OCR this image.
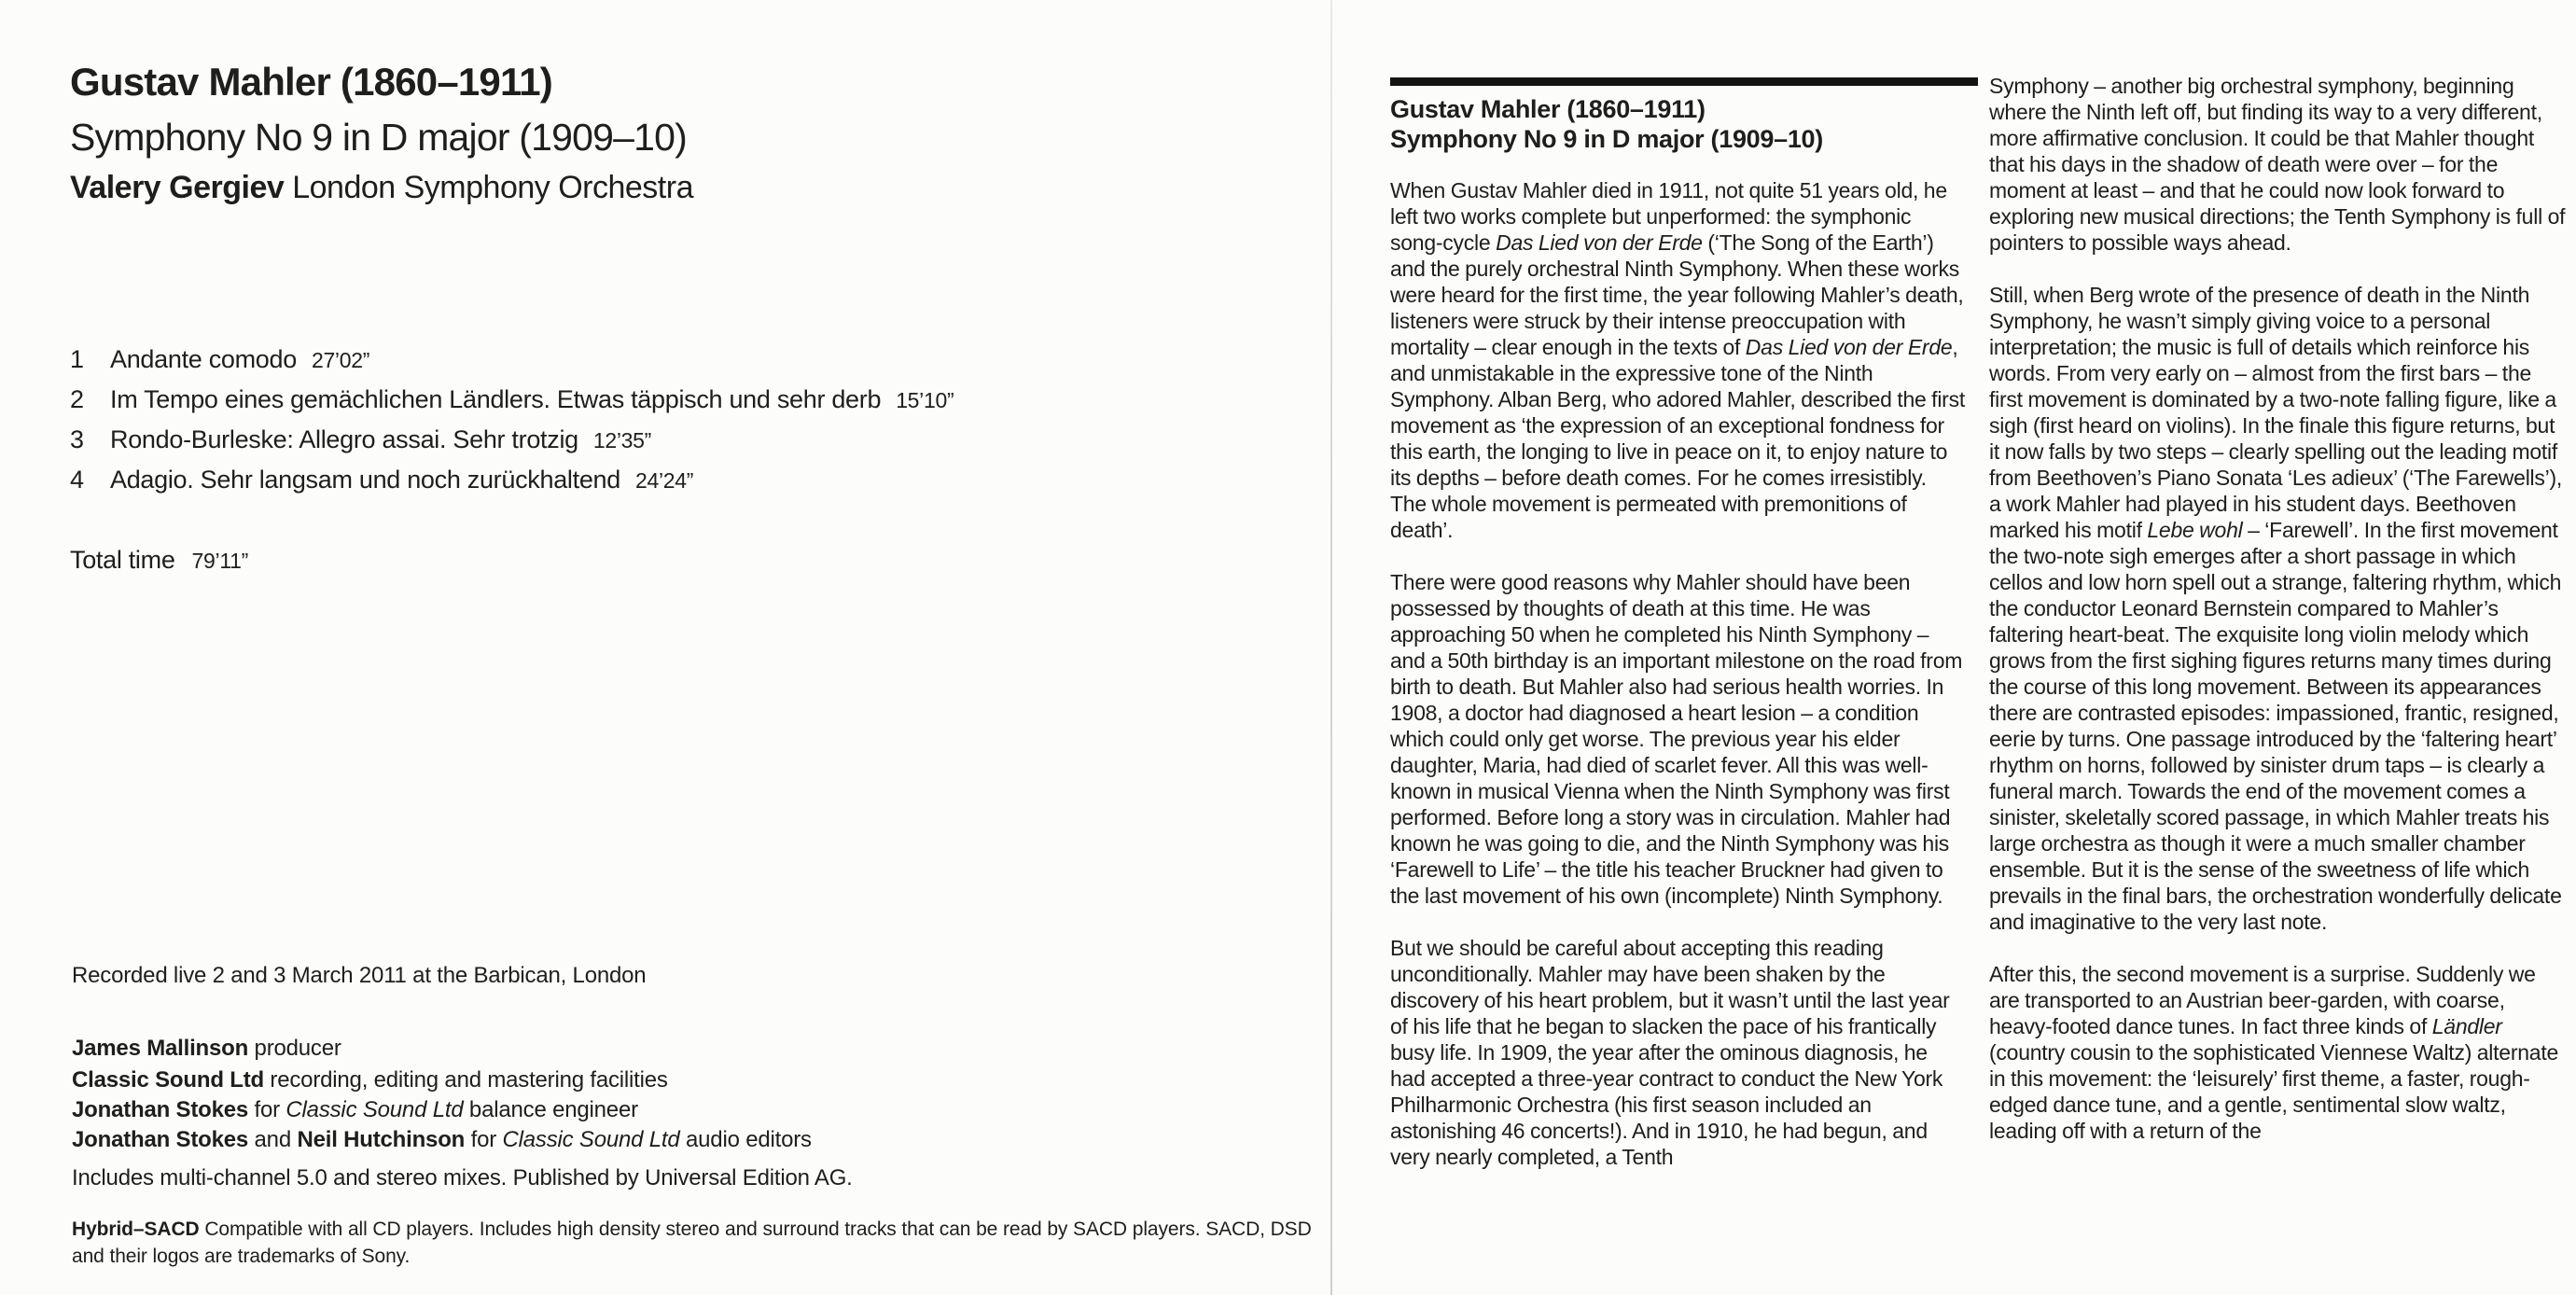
Gustav Mahler (1860–1911)
Symphony No 9 in D major (1909–10)
Valery Gergiev London Symphony Orchestra
1	Andante comodo 27’02”
2	Im Tempo eines gemächlichen Ländlers. Etwas täppisch und sehr derb 15’10”
3	Rondo-Burleske: Allegro assai. Sehr trotzig 12’35”
4	Adagio. Sehr langsam und noch zurückhaltend 24’24”
Total time 79’11”
Recorded live 2 and 3 March 2011 at the Barbican, London
James Mallinson producer
Classic Sound Ltd recording, editing and mastering facilities
Jonathan Stokes for Classic Sound Ltd balance engineer
Jonathan Stokes and Neil Hutchinson for Classic Sound Ltd audio editors
Includes multi-channel 5.0 and stereo mixes. Published by Universal Edition AG.
Hybrid–SACD Compatible with all CD players. Includes high density stereo and surround tracks that can be read by SACD players. SACD, DSD and their logos are trademarks of Sony.
Gustav Mahler (1860–1911)
Symphony No 9 in D major (1909–10)

When Gustav Mahler died in 1911, not quite 51 years old, he left two works complete but unperformed: the symphonic song-cycle Das Lied von der Erde (‘The Song of the Earth’) and the purely orchestral Ninth Symphony. When these works were heard for the first time, the year following Mahler’s death, listeners were struck by their intense preoccupation with mortality – clear enough in the texts of Das Lied von der Erde, and unmistakable in the expressive tone of the Ninth Symphony. Alban Berg, who adored Mahler, described the first movement as ‘the expression of an exceptional fondness for this earth, the longing to live in peace on it, to enjoy nature to its depths – before death comes. For he comes irresistibly. The whole movement is permeated with premonitions of death’.

There were good reasons why Mahler should have been possessed by thoughts of death at this time. He was approaching 50 when he completed his Ninth Symphony – and a 50th birthday is an important milestone on the road from birth to death. But Mahler also had serious health worries. In 1908, a doctor had diagnosed a heart lesion – a condition which could only get worse. The previous year his elder daughter, Maria, had died of scarlet fever. All this was well-known in musical Vienna when the Ninth Symphony was first performed. Before long a story was in circulation. Mahler had known he was going to die, and the Ninth Symphony was his ‘Farewell to Life’ – the title his teacher Bruckner had given to the last movement of his own (incomplete) Ninth Symphony.

But we should be careful about accepting this reading unconditionally. Mahler may have been shaken by the discovery of his heart problem, but it wasn’t until the last year of his life that he began to slacken the pace of his frantically busy life. In 1909, the year after the ominous diagnosis, he had accepted a three-year contract to conduct the New York Philharmonic Orchestra (his first season included an astonishing 46 concerts!). And in 1910, he had begun, and very nearly completed, a Tenth

Symphony – another big orchestral symphony, beginning where the Ninth left off, but finding its way to a very different, more affirmative conclusion. It could be that Mahler thought that his days in the shadow of death were over – for the moment at least – and that he could now look forward to exploring new musical directions; the Tenth Symphony is full of pointers to possible ways ahead.

Still, when Berg wrote of the presence of death in the Ninth Symphony, he wasn’t simply giving voice to a personal interpretation; the music is full of details which reinforce his words. From very early on – almost from the first bars – the first movement is dominated by a two-note falling figure, like a sigh (first heard on violins). In the finale this figure returns, but it now falls by two steps – clearly spelling out the leading motif from Beethoven’s Piano Sonata ‘Les adieux’ (‘The Farewells’), a work Mahler had played in his student days. Beethoven marked his motif Lebe wohl – ‘Farewell’. In the first movement the two-note sigh emerges after a short passage in which cellos and low horn spell out a strange, faltering rhythm, which the conductor Leonard Bernstein compared to Mahler’s faltering heart-beat. The exquisite long violin melody which grows from the first sighing figures returns many times during the course of this long movement. Between its appearances there are contrasted episodes: impassioned, frantic, resigned, eerie by turns. One passage introduced by the ‘faltering heart’ rhythm on horns, followed by sinister drum taps – is clearly a funeral march. Towards the end of the movement comes a sinister, skeletally scored passage, in which Mahler treats his large orchestra as though it were a much smaller chamber ensemble. But it is the sense of the sweetness of life which prevails in the final bars, the orchestration wonderfully delicate and imaginative to the very last note.

After this, the second movement is a surprise. Suddenly we are transported to an Austrian beer-garden, with coarse, heavy-footed dance tunes. In fact three kinds of Ländler (country cousin to the sophisticated Viennese Waltz) alternate in this movement: the ‘leisurely’ first theme, a faster, rough-edged dance tune, and a gentle, sentimental slow waltz, leading off with a return of the
